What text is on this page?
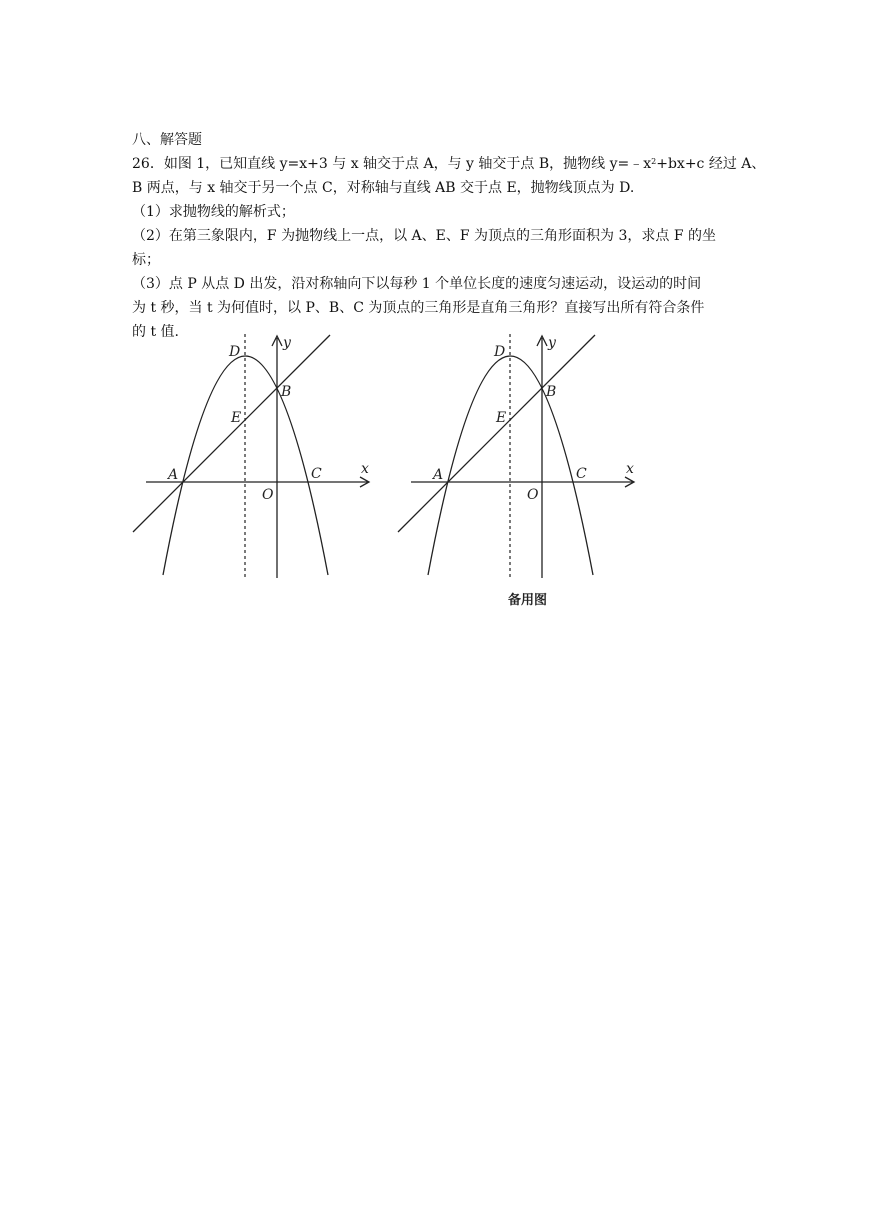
八、解答题
26．如图 1，已知直线 y=x+3 与 x 轴交于点 A，与 y 轴交于点 B，抛物线 $y=﹣x^2+bx+c$ 经过 A、
B 两点，与 x 轴交于另一个点 C，对称轴与直线 AB 交于点 E，抛物线顶点为 D.
（1）求抛物线的解析式；
（2）在第三象限内，F 为抛物线上一点，以 A、E、F 为顶点的三角形面积为 3，求点 F 的坐
标；
（3）点 P 从点 D 出发，沿对称轴向下以每秒 1 个单位长度的速度匀速运动，设运动的时间
为 t 秒，当 t 为何值时，以 P、B、C 为顶点的三角形是直角三角形？直接写出所有符合条件
的 t 值.
D
y
B
E
A	C	x
O
D
y
B
E
A	C	x
O
备用图
